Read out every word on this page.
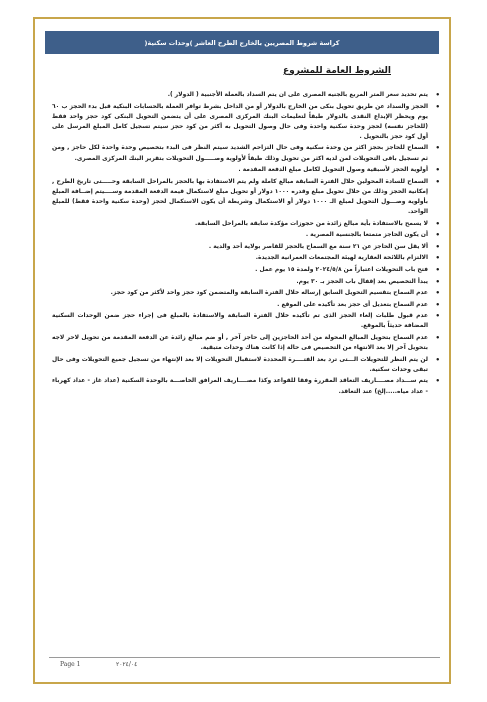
كراسة شروط المصريين بالخارج الطرح العاشر )وحدات سكنية(
الشروط العامة للمشروع
• يتم تحديد سعر المتر المربع بالجنيه المصرى على ان يتم السداد بالعملة الأجنبية ( الدولار ).
• الحجز والسداد عن طريق تحويل بنكى من الخارج بالدولار أو من الداخل بشرط توافر العملة بالحسابات البنكية قبل بدء الحجز ب ٦٠ يوم ويحظر الإيداع النقدى بالدولار طبقاً لتعليمات البنك المركزى المصرى على أن يتضمن التحويل البنكى كود حجز واحد فقط (للحاجز نفسه) لحجز وحدة سكنية واحدة وفى حال وصول التحويل به أكثر من كود حجز سيتم تسجيل كامل المبلغ المرسل على أول كود حجز بالتحويل .
• السماح للحاجز بحجز اكثر من وحدة سكنية وفى حال التزاحم الشديد سيتم النظر فى البدء بتخصيص وحدة واحدة لكل حاجز , ومن ثم تسجيل باقى التحويلات لمن لديه اكثر من تحويل وذلك طبقاً لأولوية وصـــــول التحويلات بتقرير البنك المركزى المصرى.
• أولوية الحجز لأسبقية وصول التحويل لكامل مبلغ الدفعة المقدمة .
• السماح للسادة المحولين خلال الفترة السابقة مبالغ كاملة ولم يتم الاستفادة بها بالحجز بالمراحل السابقة وحـــــتى تاريخ الطرح , إمكانية الحجز وذلك من خلال تحويل مبلغ وقدره ١٠٠٠ دولار أو تحويل مبلغ لاستكمال قيمة الدفعة المقدمة وســــيتم إضــافة المبلغ بأولوية وصـــول التحويل لمبلغ الـ ١٠٠٠ دولار أو الاستكمال وشريطة أن يكون الاستكمال لحجز (وحدة سكنية واحدة فقط) للمبلغ الواحد.
• لا يسمح بالاستفادة بأية مبالغ زائدة من حجوزات مؤكدة سابقة بالمراحل السابقة.
• أن يكون الحاجز متمتعا بالجنسية المصرية .
• ألا يقل سن الحاجز عن ٢١ سنة مع السماح بالحجز للقاصر بولاية أحد والدية .
• الالتزام باللائحة العقارية لهيئة المجتمعات العمرانية الجديدة.
• فتح باب التحويلات اعتباراً من ٢٠٢٤/٥/٨ ولمدة ١٥ يوم عمل .
• يبدأ التخصيص بعد إقفال باب الحجز بـ ٣٠ يوم.
• عدم السماح بتقسيم التحويل السابق إرساله خلال الفترة السابقة والمتضمن كود حجز واحد لأكثر من كود حجز.
• عدم السماح بتعديل أى حجز بعد تأكيده على الموقع .
• عدم قبول طلبات إلغاء الحجز الذى تم تأكيده خلال الفترة السابقة والاستفادة بالمبلغ فى إجراء حجز ضمن الوحدات السكنية المضافة حديثاً بالموقع.
• عدم السماح بتحويل المبالغ المحولة من أحد الحاجزين إلى حاجز آخر , أو ضم مبالغ زائدة عن الدفعة المقدمة من تحويل لاحر لاجه بتحويل آخر إلا بعد الانتهاء من التخصيص فى حالة إذا كانت هناك وحدات متبقية.
• لن يتم النظر للتحويلات الـــتى ترد بعد الفتــــرة المحددة لاستقبال التحويلات إلا بعد الإنتهاء من تسجيل جميع التحويلات وفى حال تبقى وحدات سكنية.
• يتم ســـداد مصــــاريف التعاقد المقررة وفقا للقواعد وكذا مصــــاريف المرافق الخاصـــة بالوحدة السكنية (عداد غاز - عداد كهرباء - عداد مياه.....إلخ) عند التعاقد.
Page 1	٢٠٢٤/٠٤
